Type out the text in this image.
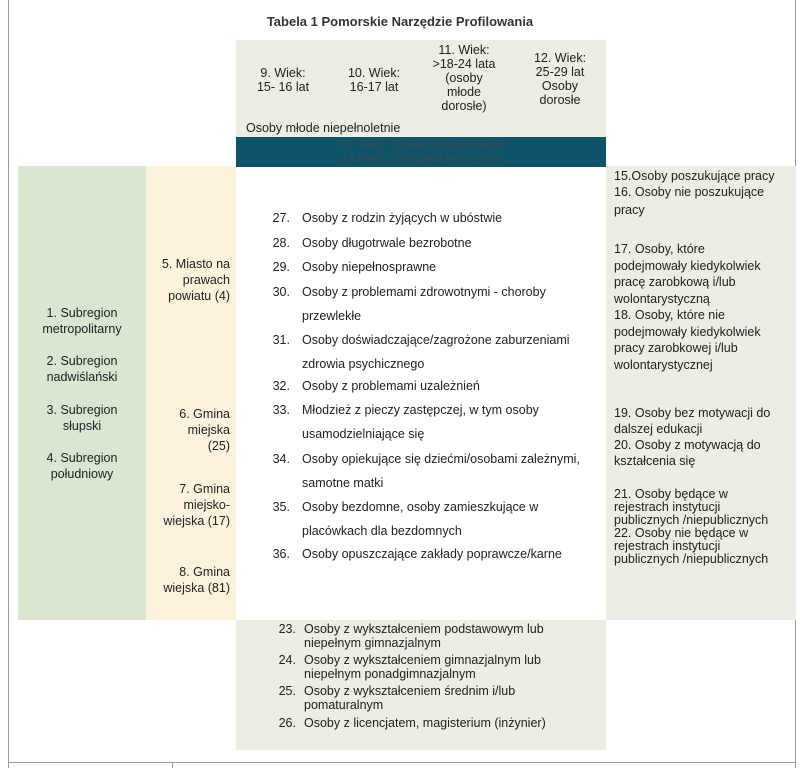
Tabela 1 Pomorskie Narzędzie Profilowania
9. Wiek:
15- 16 lat
10. Wiek:
16-17 lat
11. Wiek:
>18-24 lata
(osoby
młode
dorosłe)
12. Wiek:
25-29 lat
Osoby
dorosłe
Osoby młode niepełnoletnie
13. Płeć: Dziewczyna/Kobieta
14.Płeć: Chłopak/Mężczyzna
1. Subregion
metropolitarny
2. Subregion
nadwiślański
3. Subregion
słupski
4. Subregion
południowy
5. Miasto na
prawach
powiatu (4)
6. Gmina
miejska
(25)
7. Gmina
miejsko-
wiejska (17)
8. Gmina
wiejska (81)
27. Osoby z rodzin żyjących w ubóstwie
28. Osoby długotrwale bezrobotne
29. Osoby niepełnosprawne
30. Osoby z problemami zdrowotnymi - choroby
przewlekłe
31. Osoby doświadczające/zagrożone zaburzeniami
zdrowia psychicznego
32. Osoby z problemami uzależnień
33. Młodzież z pieczy zastępczej, w tym osoby
usamodzielniające się
34. Osoby opiekujące się dziećmi/osobami zależnymi,
samotne matki
35. Osoby bezdomne, osoby zamieszkujące w
placówkach dla bezdomnych
36. Osoby opuszczające zakłady poprawcze/karne
15.Osoby poszukujące pracy
16. Osoby nie poszukujące
pracy
17. Osoby, które
podejmowały kiedykolwiek
pracę zarobkową i/lub
wolontarystyczną
18. Osoby, które nie
podejmowały kiedykolwiek
pracy zarobkowej i/lub
wolontarystycznej
19. Osoby bez motywacji do
dalszej edukacji
20. Osoby z motywacją do
kształcenia się
21. Osoby będące w
rejestrach instytucji
publicznych /niepublicznych
22. Osoby nie będące w
rejestrach instytucji
publicznych /niepublicznych
23. Osoby z wykształceniem podstawowym lub
niepełnym gimnazjalnym
24. Osoby z wykształceniem gimnazjalnym lub
niepełnym ponadgimnazjalnym
25. Osoby z wykształceniem średnim i/lub
pomaturalnym
26. Osoby z licencjatem, magisterium (inżynier)
